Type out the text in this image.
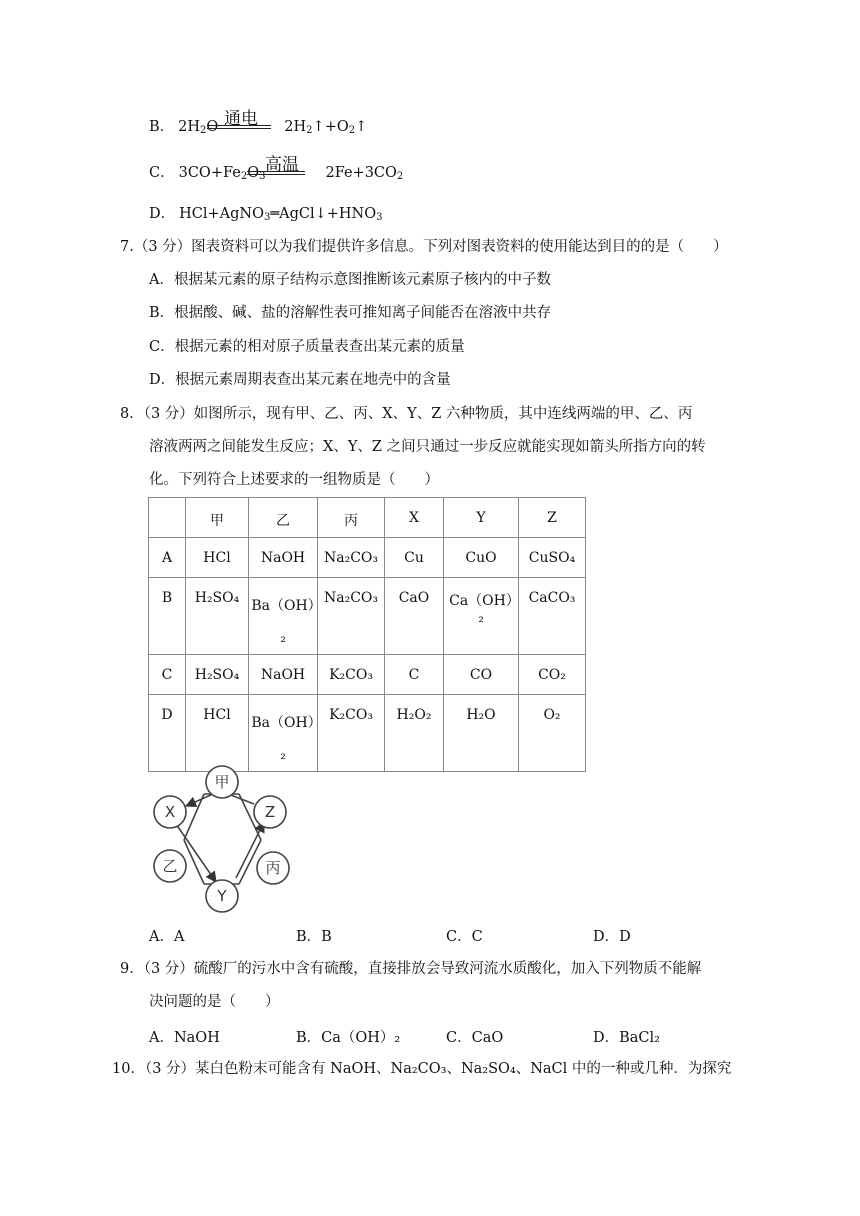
B． $2H_2O$	$2H_2↑+O_2↑$
通电
C． $3CO+Fe_2O_3$	$2Fe+3CO_2$
高温
D． $HCl+AgNO_3═AgCl↓+HNO_3$
7.（3 分）图表资料可以为我们提供许多信息。下列对图表资料的使用能达到目的的是（　　）
A．根据某元素的原子结构示意图推断该元素原子核内的中子数
B．根据酸、碱、盐的溶解性表可推知离子间能否在溶液中共存
C．根据元素的相对原子质量表查出某元素的质量
D．根据元素周期表查出某元素在地壳中的含量
8．（3 分）如图所示，现有甲、乙、丙、X、Y、Z 六种物质，其中连线两端的甲、乙、丙
溶液两两之间能发生反应；X、Y、Z 之间只通过一步反应就能实现如箭头所指方向的转
化。下列符合上述要求的一组物质是（　　）
	甲	乙	丙	X	Y	Z
A	HCl	NaOH	Na₂CO₃	Cu	CuO	CuSO₄
B	H₂SO₄	Ba（OH）₂	Na₂CO₃	CaO	Ca（OH）₂	CaCO₃
C	H₂SO₄	NaOH	K₂CO₃	C	CO	CO₂
D	HCl	Ba（OH）₂	K₂CO₃	H₂O₂	H₂O	O₂
甲
X	Z
乙	丙
Y
A．A	B．B	C．C	D．D
9．（3 分）硫酸厂的污水中含有硫酸，直接排放会导致河流水质酸化，加入下列物质不能解
决问题的是（　　）
A．NaOH	B．Ca（OH）₂	C．CaO	D．BaCl₂
10．（3 分）某白色粉末可能含有 NaOH、Na₂CO₃、Na₂SO₄、NaCl 中的一种或几种．为探究
